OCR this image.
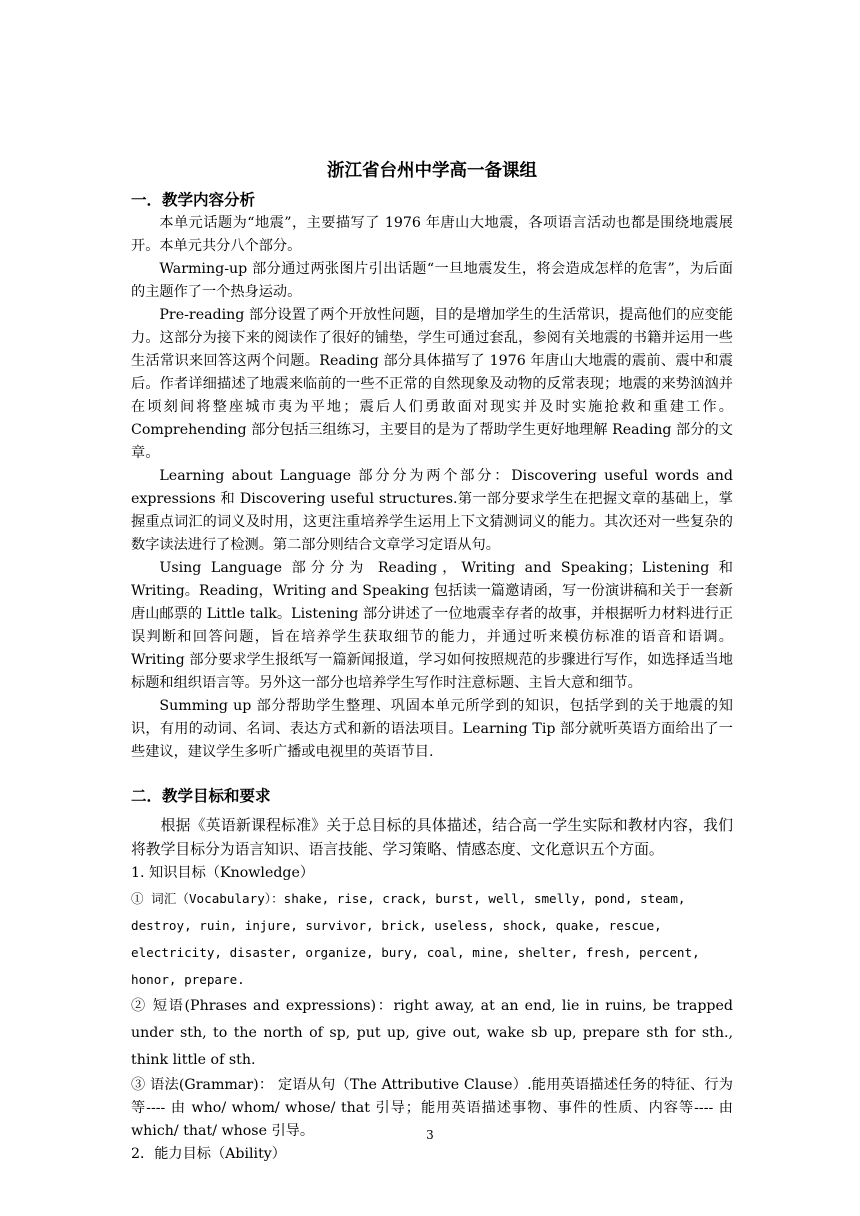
浙江省台州中学高一备课组
一．教学内容分析

本单元话题为“地震”，主要描写了 1976 年唐山大地震，各项语言活动也都是围绕地震展开。本单元共分八个部分。

Warming-up 部分通过两张图片引出话题“一旦地震发生，将会造成怎样的危害”，为后面的主题作了一个热身运动。

Pre-reading 部分设置了两个开放性问题，目的是增加学生的生活常识，提高他们的应变能力。这部分为接下来的阅读作了很好的铺垫，学生可通过套乱，参阅有关地震的书籍并运用一些生活常识来回答这两个问题。Reading 部分具体描写了 1976 年唐山大地震的震前、震中和震后。作者详细描述了地震来临前的一些不正常的自然现象及动物的反常表现；地震的来势汹汹并在顷刻间将整座城市夷为平地；震后人们勇敢面对现实并及时实施抢救和重建工作。Comprehending 部分包括三组练习，主要目的是为了帮助学生更好地理解 Reading 部分的文章。

Learning about Language 部分分为两个部分：Discovering useful words and expressions 和 Discovering useful structures.第一部分要求学生在把握文章的基础上，掌握重点词汇的词义及时用，这更注重培养学生运用上下文猜测词义的能力。其次还对一些复杂的数字读法进行了检测。第二部分则结合文章学习定语从句。

Using Language 部分分为 Reading，Writing and Speaking；Listening 和 Writing。Reading，Writing and Speaking 包括读一篇邀请函，写一份演讲稿和关于一套新唐山邮票的 Little talk。Listening 部分讲述了一位地震幸存者的故事，并根据听力材料进行正误判断和回答问题，旨在培养学生获取细节的能力，并通过听来模仿标准的语音和语调。Writing 部分要求学生报纸写一篇新闻报道，学习如何按照规范的步骤进行写作，如选择适当地标题和组织语言等。另外这一部分也培养学生写作时注意标题、主旨大意和细节。

Summing up 部分帮助学生整理、巩固本单元所学到的知识，包括学到的关于地震的知识，有用的动词、名词、表达方式和新的语法项目。Learning Tip 部分就听英语方面给出了一些建议，建议学生多听广播或电视里的英语节目.

二．教学目标和要求

根据《英语新课程标准》关于总目标的具体描述，结合高一学生实际和教材内容，我们将教学目标分为语言知识、语言技能、学习策略、情感态度、文化意识五个方面。

1. 知识目标（Knowledge）

① 词汇（Vocabulary）：shake, rise, crack, burst, well, smelly, pond, steam, destroy, ruin, injure, survivor, brick, useless, shock, quake, rescue, electricity, disaster, organize, bury, coal, mine, shelter, fresh, percent, honor, prepare.

② 短语(Phrases and expressions)：right away, at an end, lie in ruins, be trapped under sth, to the north of sp, put up, give out, wake sb up, prepare sth for sth., think little of sth.

③ 语法(Grammar)： 定语从句（The Attributive Clause）.能用英语描述任务的特征、行为等---- 由 who/ whom/ whose/ that 引导；能用英语描述事物、事件的性质、内容等---- 由 which/ that/ whose 引导。

2．能力目标（Ability）

3
